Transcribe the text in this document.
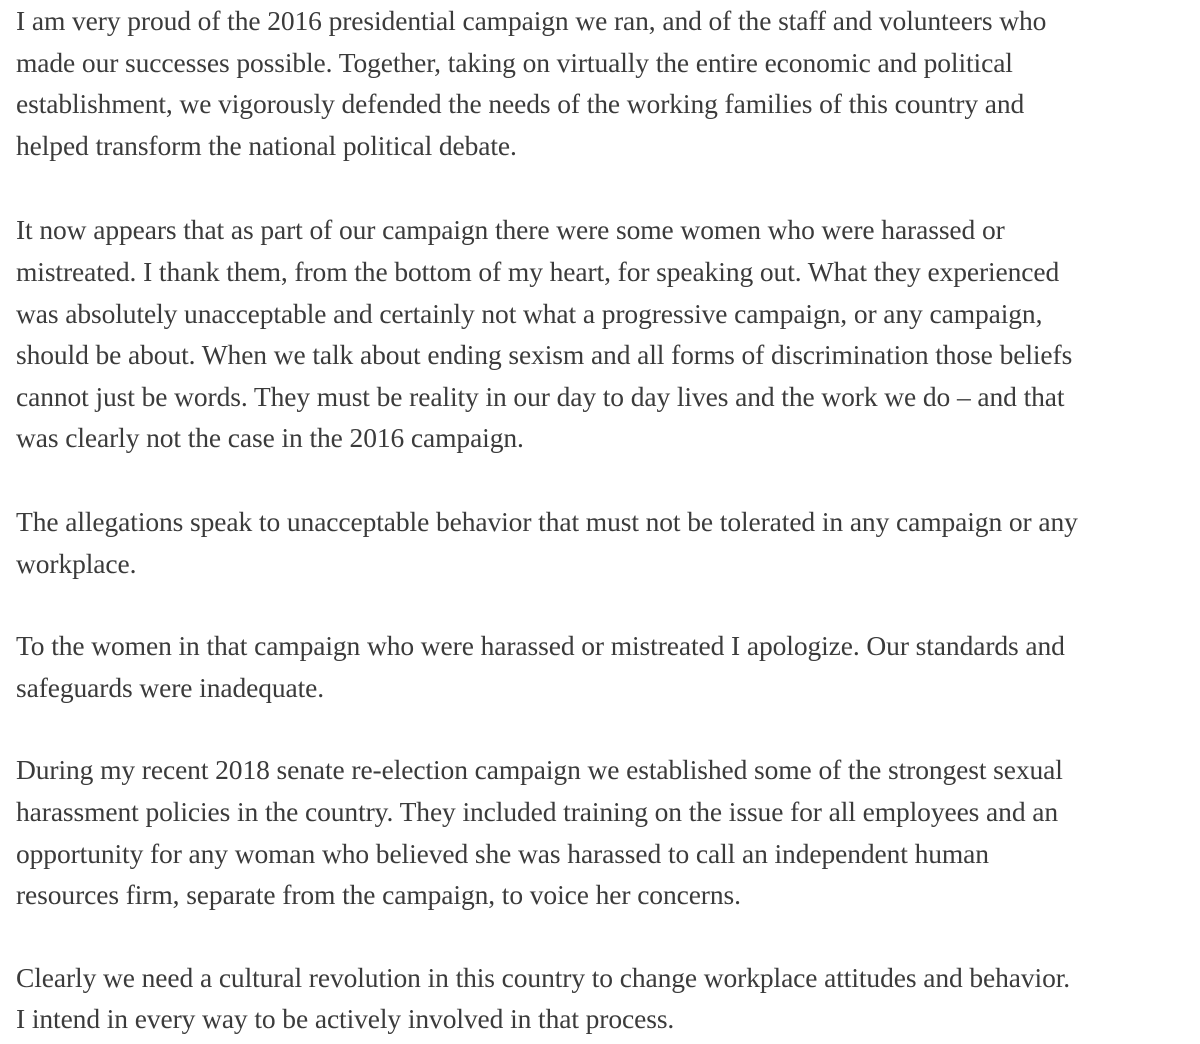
I am very proud of the 2016 presidential campaign we ran, and of the staff and volunteers who
made our successes possible. Together, taking on virtually the entire economic and political
establishment, we vigorously defended the needs of the working families of this country and
helped transform the national political debate.

It now appears that as part of our campaign there were some women who were harassed or
mistreated. I thank them, from the bottom of my heart, for speaking out. What they experienced
was absolutely unacceptable and certainly not what a progressive campaign, or any campaign,
should be about. When we talk about ending sexism and all forms of discrimination those beliefs
cannot just be words. They must be reality in our day to day lives and the work we do – and that
was clearly not the case in the 2016 campaign.

The allegations speak to unacceptable behavior that must not be tolerated in any campaign or any
workplace.

To the women in that campaign who were harassed or mistreated I apologize. Our standards and
safeguards were inadequate.

During my recent 2018 senate re-election campaign we established some of the strongest sexual
harassment policies in the country. They included training on the issue for all employees and an
opportunity for any woman who believed she was harassed to call an independent human
resources firm, separate from the campaign, to voice her concerns.

Clearly we need a cultural revolution in this country to change workplace attitudes and behavior.
I intend in every way to be actively involved in that process.
